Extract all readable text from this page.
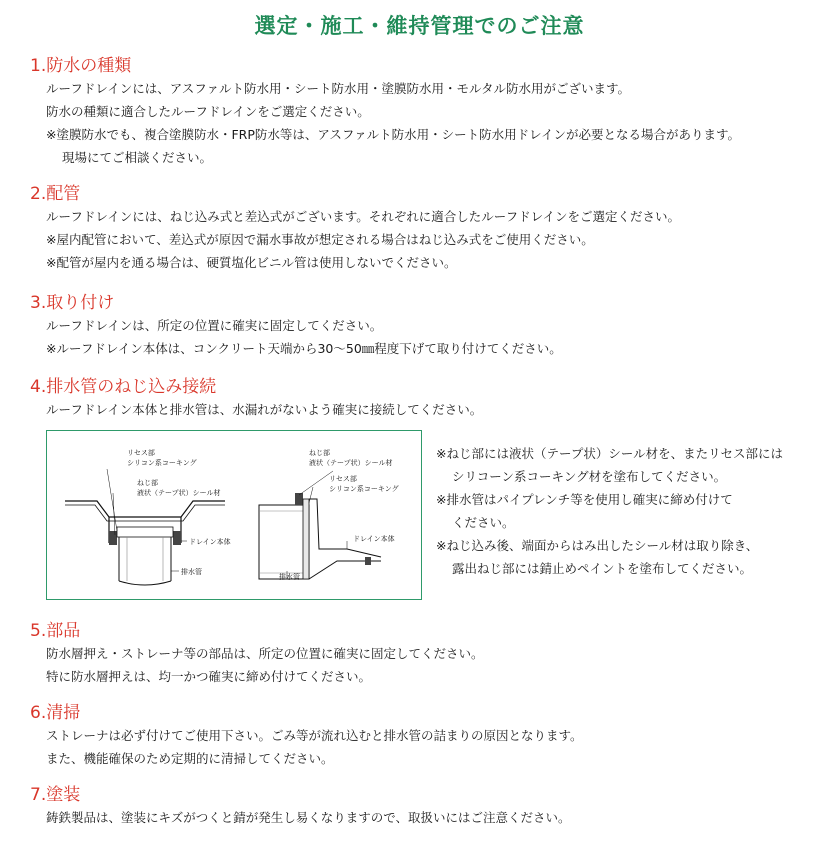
選定・施工・維持管理でのご注意
1.防水の種類

ルーフドレインには、アスファルト防水用・シート防水用・塗膜防水用・モルタル防水用がございます。

防水の種類に適合したルーフドレインをご選定ください。

※塗膜防水でも、複合塗膜防水・FRP防水等は、アスファルト防水用・シート防水用ドレインが必要となる場合があります。

現場にてご相談ください。

2.配管

ルーフドレインには、ねじ込み式と差込式がございます。それぞれに適合したルーフドレインをご選定ください。

※屋内配管において、差込式が原因で漏水事故が想定される場合はねじ込み式をご使用ください。

※配管が屋内を通る場合は、硬質塩化ビニル管は使用しないでください。

3.取り付け

ルーフドレインは、所定の位置に確実に固定してください。

※ルーフドレイン本体は、コンクリート天端から30〜50㎜程度下げて取り付けてください。

4.排水管のねじ込み接続

ルーフドレイン本体と排水管は、水漏れがないよう確実に接続してください。

リセス部
シリコン系コーキング
ねじ部
液状（テープ状）シール材
ドレイン本体
排水管
ねじ部
液状（テープ状）シール材
リセス部
シリコン系コーキング
ドレイン本体
排水管

※ねじ部には液状（テープ状）シール材を、またリセス部には

シリコーン系コーキング材を塗布してください。

※排水管はパイプレンチ等を使用し確実に締め付けて

ください。

※ねじ込み後、端面からはみ出したシール材は取り除き、

露出ねじ部には錆止めペイントを塗布してください。

5.部品

防水層押え・ストレーナ等の部品は、所定の位置に確実に固定してください。

特に防水層押えは、均一かつ確実に締め付けてください。

6.清掃

ストレーナは必ず付けてご使用下さい。ごみ等が流れ込むと排水管の詰まりの原因となります。

また、機能確保のため定期的に清掃してください。

7.塗装

鋳鉄製品は、塗装にキズがつくと錆が発生し易くなりますので、取扱いにはご注意ください。
